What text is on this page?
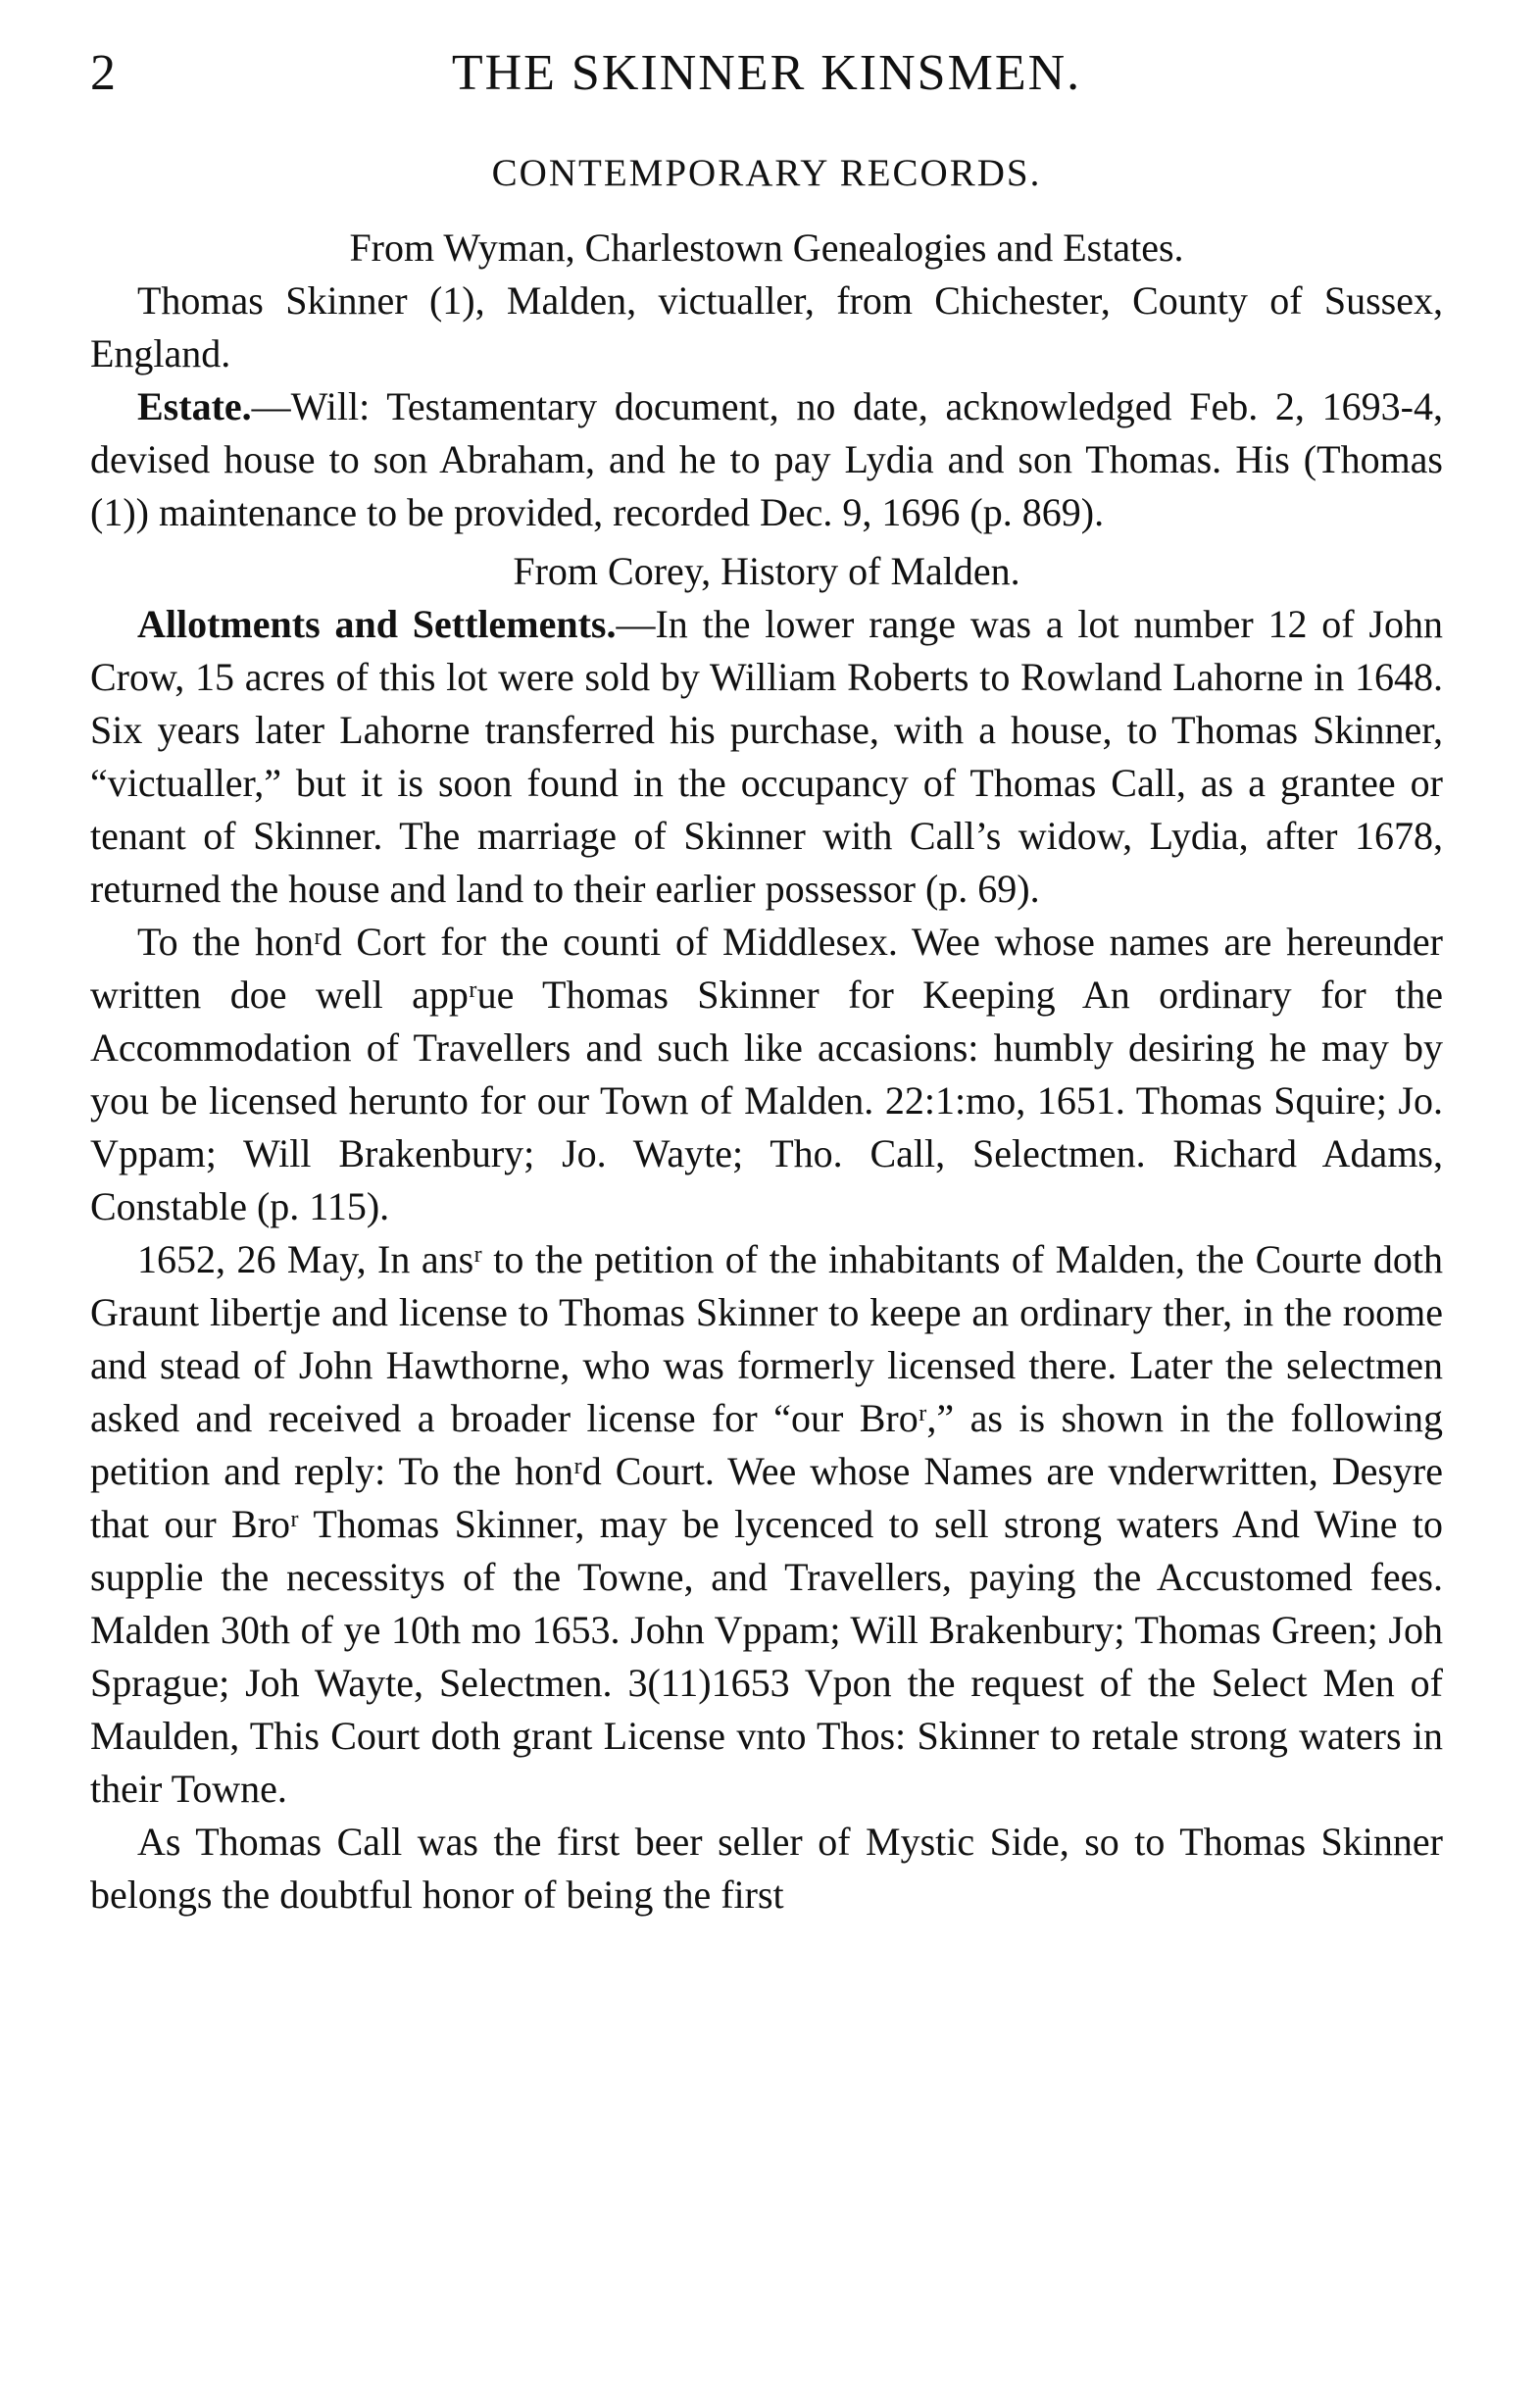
2	THE SKINNER KINSMEN.
CONTEMPORARY RECORDS.
From Wyman, Charlestown Genealogies and Estates.

Thomas Skinner (1), Malden, victualler, from Chichester, County of Sussex, England.

Estate.—Will: Testamentary document, no date, acknowledged Feb. 2, 1693-4, devised house to son Abraham, and he to pay Lydia and son Thomas. His (Thomas (1)) maintenance to be provided, recorded Dec. 9, 1696 (p. 869).

From Corey, History of Malden.

Allotments and Settlements.—In the lower range was a lot number 12 of John Crow, 15 acres of this lot were sold by William Roberts to Rowland Lahorne in 1648. Six years later Lahorne transferred his purchase, with a house, to Thomas Skinner, “victualler,” but it is soon found in the occupancy of Thomas Call, as a grantee or tenant of Skinner. The marriage of Skinner with Call’s widow, Lydia, after 1678, returned the house and land to their earlier possessor (p. 69).

To the honʳd Cort for the counti of Middlesex. Wee whose names are hereunder written doe well appʳue Thomas Skinner for Keeping An ordinary for the Accommodation of Travellers and such like accasions: humbly desiring he may by you be licensed herunto for our Town of Malden. 22:1:mo, 1651. Thomas Squire; Jo. Vppam; Will Brakenbury; Jo. Wayte; Tho. Call, Selectmen. Richard Adams, Constable (p. 115).

1652, 26 May, In ansʳ to the petition of the inhabitants of Malden, the Courte doth Graunt libertje and license to Thomas Skinner to keepe an ordinary ther, in the roome and stead of John Hawthorne, who was formerly licensed there. Later the selectmen asked and received a broader license for “our Broʳ,” as is shown in the following petition and reply: To the honʳd Court. Wee whose Names are vnderwritten, Desyre that our Broʳ Thomas Skinner, may be lycenced to sell strong waters And Wine to supplie the necessitys of the Towne, and Travellers, paying the Accustomed fees. Malden 30th of ye 10th mo 1653. John Vppam; Will Brakenbury; Thomas Green; Joh Sprague; Joh Wayte, Selectmen. 3(11)1653 Vpon the request of the Select Men of Maulden, This Court doth grant License vnto Thos: Skinner to retale strong waters in their Towne.

As Thomas Call was the first beer seller of Mystic Side, so to Thomas Skinner belongs the doubtful honor of being the first
